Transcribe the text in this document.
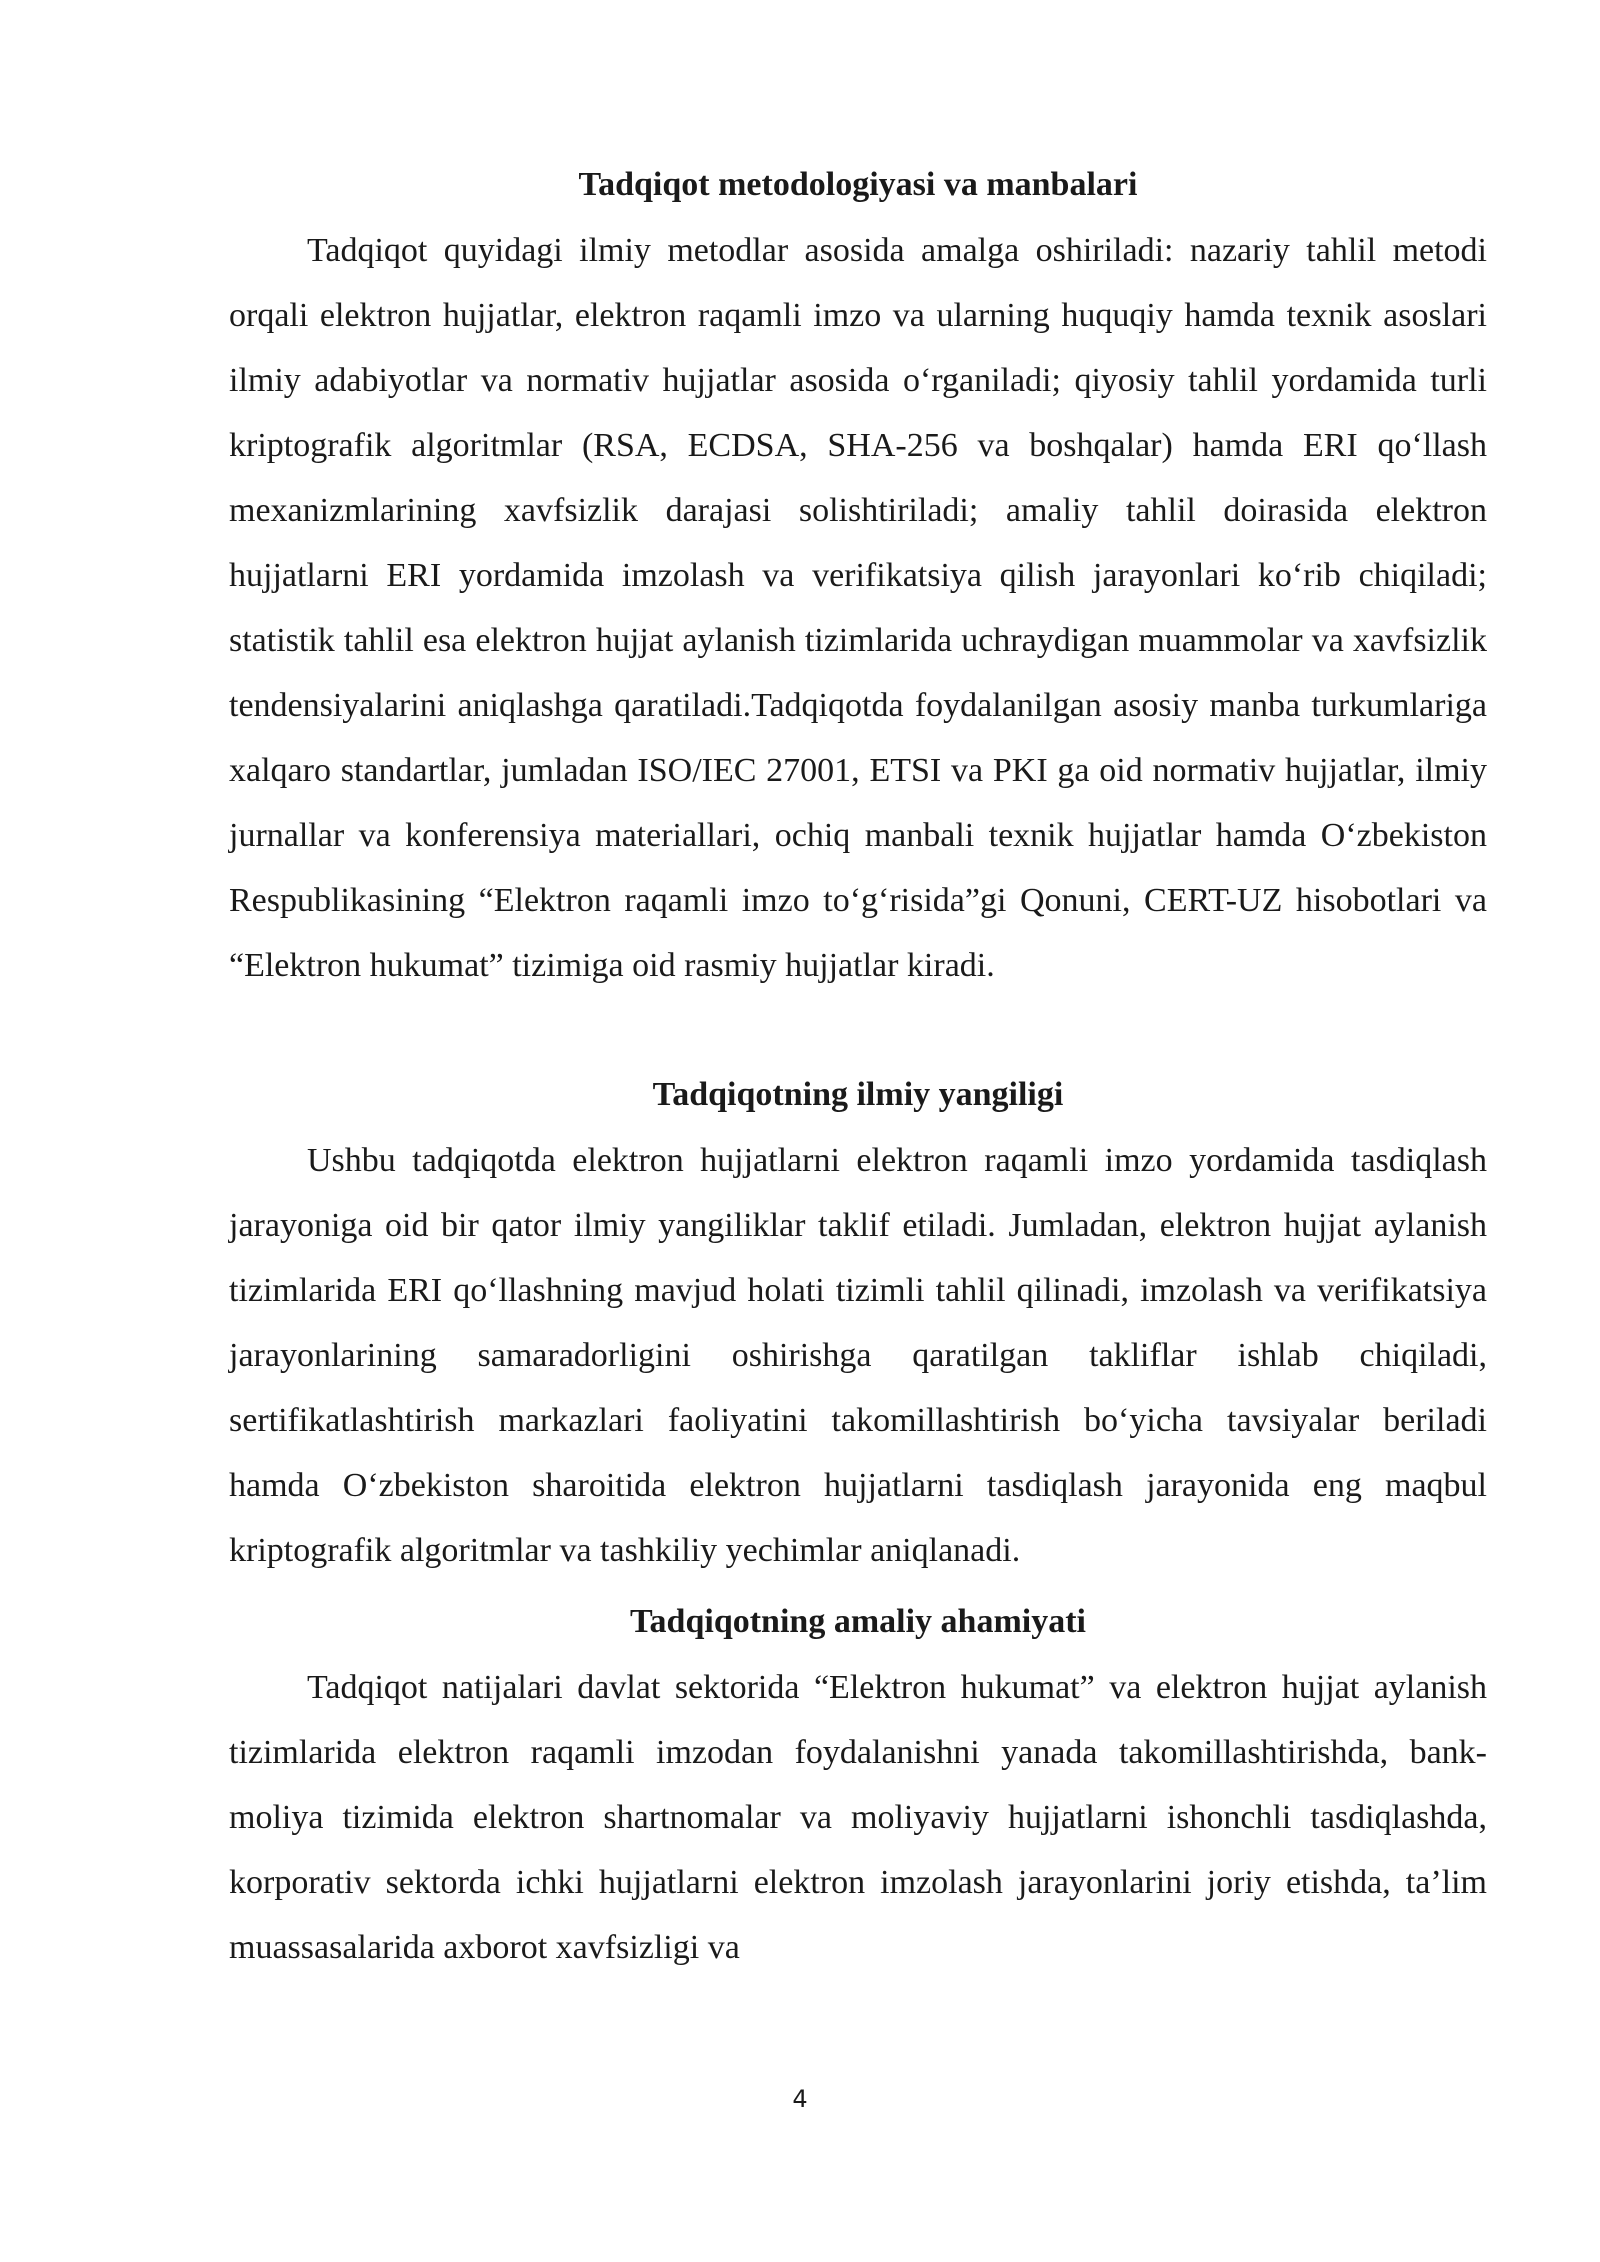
Tadqiqot metodologiyasi va manbalari

Tadqiqot quyidagi ilmiy metodlar asosida amalga oshiriladi: nazariy tahlil metodi orqali elektron hujjatlar, elektron raqamli imzo va ularning huquqiy hamda texnik asoslari ilmiy adabiyotlar va normativ hujjatlar asosida o‘rganiladi; qiyosiy tahlil yordamida turli kriptografik algoritmlar (RSA, ECDSA, SHA-256 va boshqalar) hamda ERI qo‘llash mexanizmlarining xavfsizlik darajasi solishtiriladi; amaliy tahlil doirasida elektron hujjatlarni ERI yordamida imzolash va verifikatsiya qilish jarayonlari ko‘rib chiqiladi; statistik tahlil esa elektron hujjat aylanish tizimlarida uchraydigan muammolar va xavfsizlik tendensiyalarini aniqlashga qaratiladi.Tadqiqotda foydalanilgan asosiy manba turkumlariga xalqaro standartlar, jumladan ISO/IEC 27001, ETSI va PKI ga oid normativ hujjatlar, ilmiy jurnallar va konferensiya materiallari, ochiq manbali texnik hujjatlar hamda O‘zbekiston Respublikasining “Elektron raqamli imzo to‘g‘risida”gi Qonuni, CERT-UZ hisobotlari va “Elektron hukumat” tizimiga oid rasmiy hujjatlar kiradi.

Tadqiqotning ilmiy yangiligi

Ushbu tadqiqotda elektron hujjatlarni elektron raqamli imzo yordamida tasdiqlash jarayoniga oid bir qator ilmiy yangiliklar taklif etiladi. Jumladan, elektron hujjat aylanish tizimlarida ERI qo‘llashning mavjud holati tizimli tahlil qilinadi, imzolash va verifikatsiya jarayonlarining samaradorligini oshirishga qaratilgan takliflar ishlab chiqiladi, sertifikatlashtirish markazlari faoliyatini takomillashtirish bo‘yicha tavsiyalar beriladi hamda O‘zbekiston sharoitida elektron hujjatlarni tasdiqlash jarayonida eng maqbul kriptografik algoritmlar va tashkiliy yechimlar aniqlanadi.

Tadqiqotning amaliy ahamiyati

Tadqiqot natijalari davlat sektorida “Elektron hukumat” va elektron hujjat aylanish tizimlarida elektron raqamli imzodan foydalanishni yanada takomillashtirishda, bank-moliya tizimida elektron shartnomalar va moliyaviy hujjatlarni ishonchli tasdiqlashda, korporativ sektorda ichki hujjatlarni elektron imzolash jarayonlarini joriy etishda, ta’lim muassasalarida axborot xavfsizligi va

4
